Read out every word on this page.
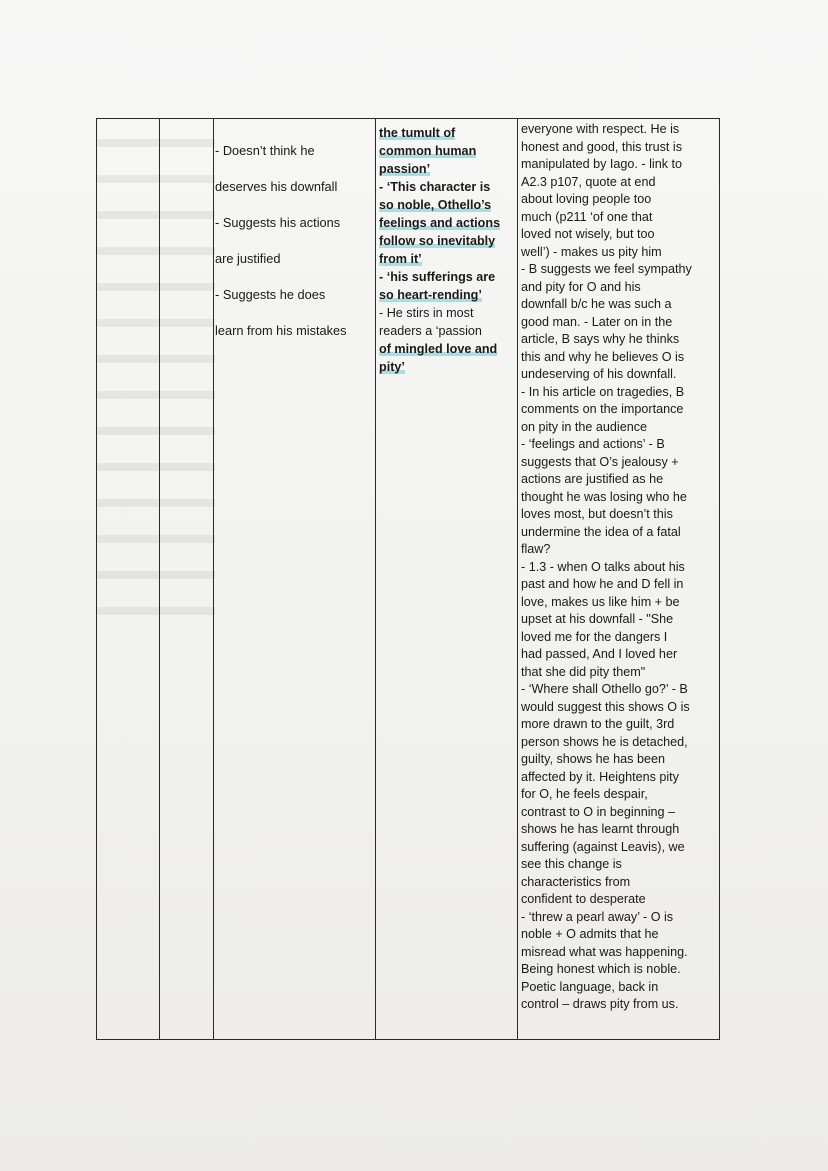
- Doesn’t think he

deserves his downfall

- Suggests his actions

are justified

- Suggests he does

learn from his mistakes

the tumult of
common human
passion’
- ‘This character is
so noble, Othello’s
feelings and actions
follow so inevitably
from it’
- ‘his sufferings are
so heart-rending’
- He stirs in most
readers a ‘passion
of mingled love and
pity’
everyone with respect. He is
honest and good, this trust is
manipulated by Iago. - link to
A2.3 p107, quote at end
about loving people too
much (p211 ‘of one that
loved not wisely, but too
well’) - makes us pity him
- B suggests we feel sympathy
and pity for O and his
downfall b/c he was such a
good man. - Later on in the
article, B says why he thinks
this and why he believes O is
undeserving of his downfall.
- In his article on tragedies, B
comments on the importance
on pity in the audience
- ‘feelings and actions’ - B
suggests that O’s jealousy +
actions are justified as he
thought he was losing who he
loves most, but doesn’t this
undermine the idea of a fatal
flaw?
- 1.3 - when O talks about his
past and how he and D fell in
love, makes us like him + be
upset at his downfall - "She
loved me for the dangers I
had passed, And I loved her
that she did pity them"
- ‘Where shall Othello go?’ - B
would suggest this shows O is
more drawn to the guilt, 3rd
person shows he is detached,
guilty, shows he has been
affected by it. Heightens pity
for O, he feels despair,
contrast to O in beginning –
shows he has learnt through
suffering (against Leavis), we
see this change is
characteristics from
confident to desperate
- ‘threw a pearl away’ - O is
noble + O admits that he
misread what was happening.
Being honest which is noble.
Poetic language, back in
control – draws pity from us.
